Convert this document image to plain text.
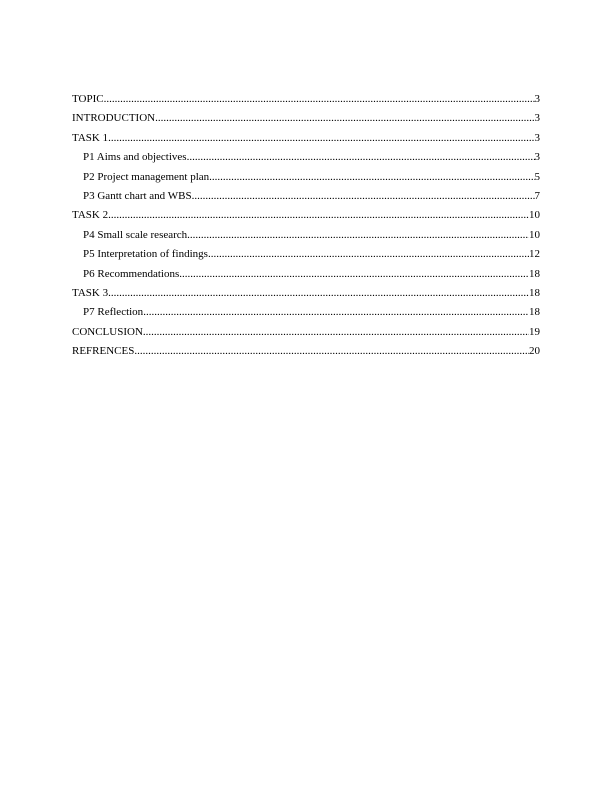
TOPIC .....	3
INTRODUCTION .....	3
TASK 1 .....	3
P1 Aims and objectives .....	3
P2 Project management plan .....	5
P3 Gantt chart and WBS .....	7
TASK 2 .....	10
P4 Small scale research .....	10
P5 Interpretation of findings .....	12
P6 Recommendations .....	18
TASK 3 .....	18
P7 Reflection .....	18
CONCLUSION .....	19
REFRENCES .....	20
